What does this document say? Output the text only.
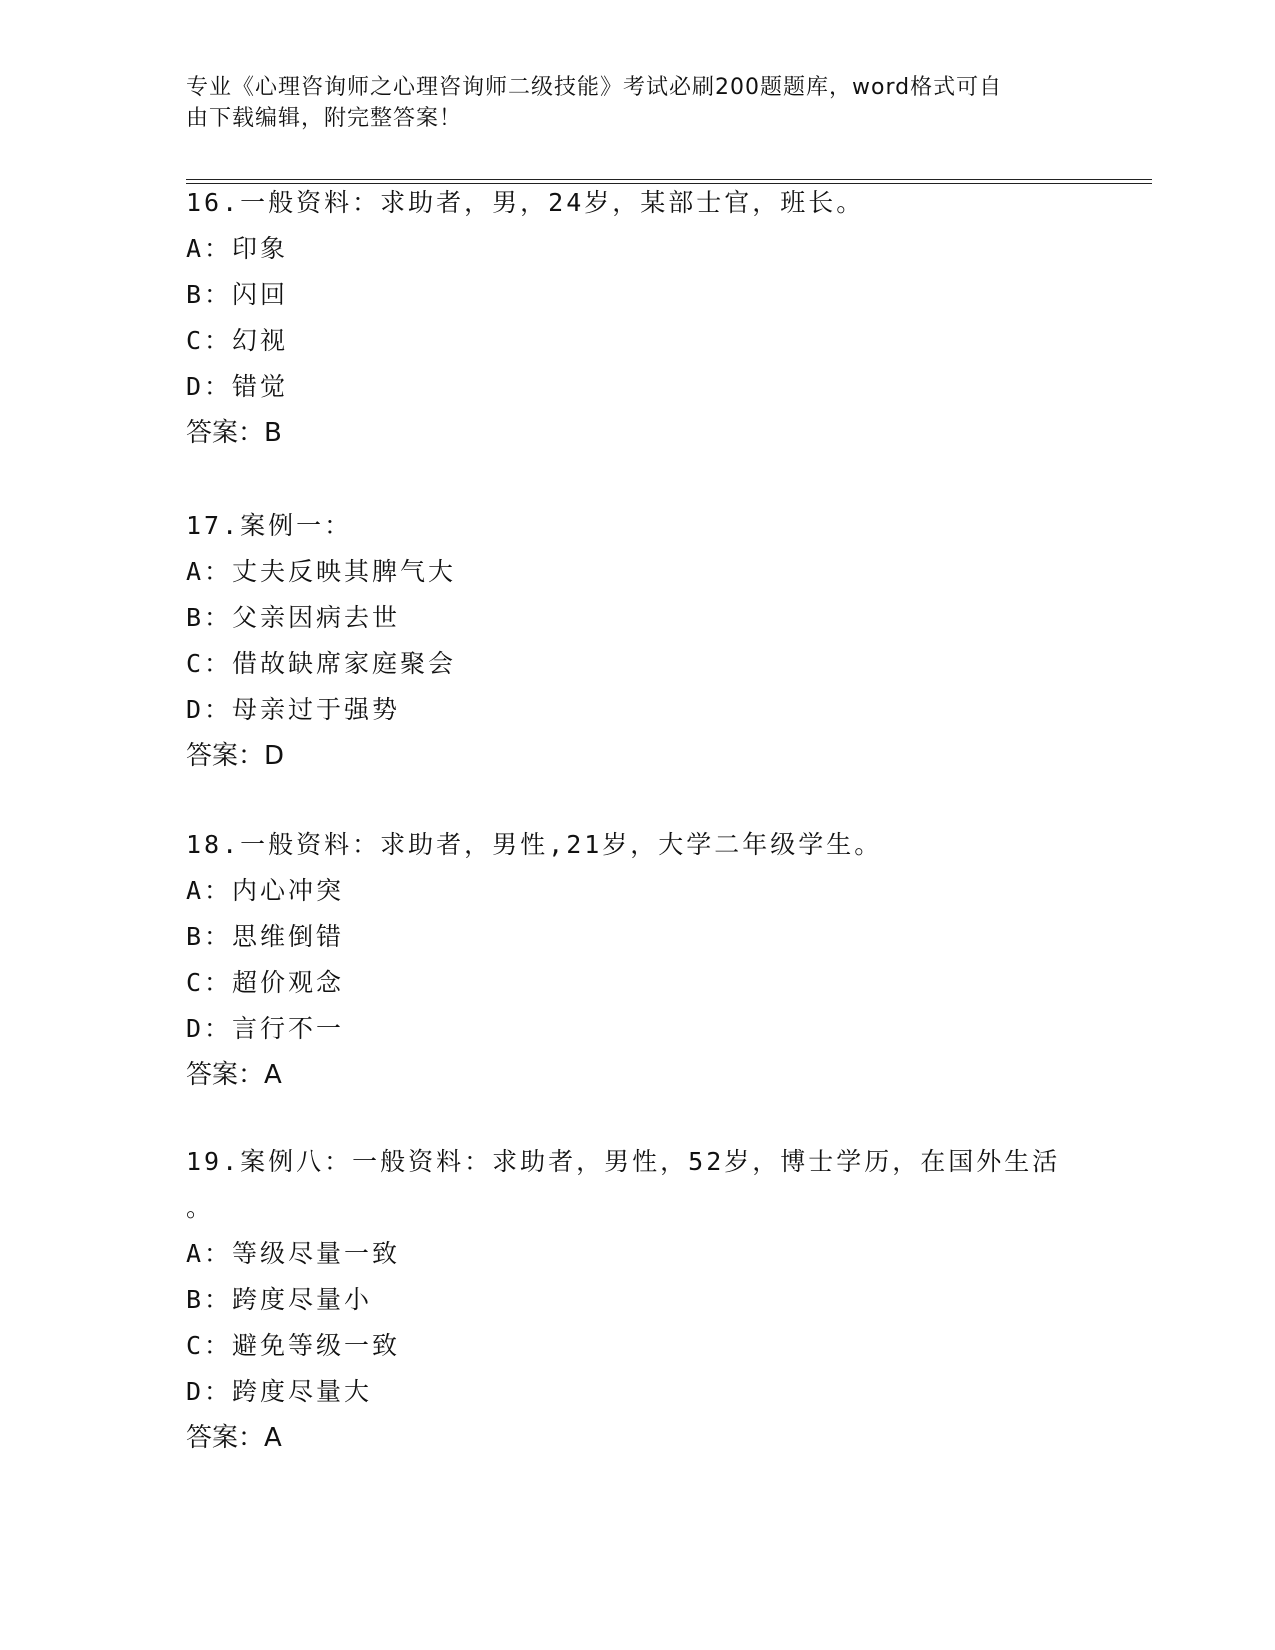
专业《心理咨询师之心理咨询师二级技能》考试必刷200题题库，word格式可自
由下载编辑，附完整答案！
16.一般资料：求助者，男，24岁，某部士官，班长。
A：印象
B：闪回
C：幻视
D：错觉
答案：B
17.案例一：
A：丈夫反映其脾气大
B：父亲因病去世
C：借故缺席家庭聚会
D：母亲过于强势
答案：D
18.一般资料：求助者，男性,21岁，大学二年级学生。
A：内心冲突
B：思维倒错
C：超价观念
D：言行不一
答案：A
19.案例八：一般资料：求助者，男性，52岁，博士学历，在国外生活
。
A：等级尽量一致
B：跨度尽量小
C：避免等级一致
D：跨度尽量大
答案：A
